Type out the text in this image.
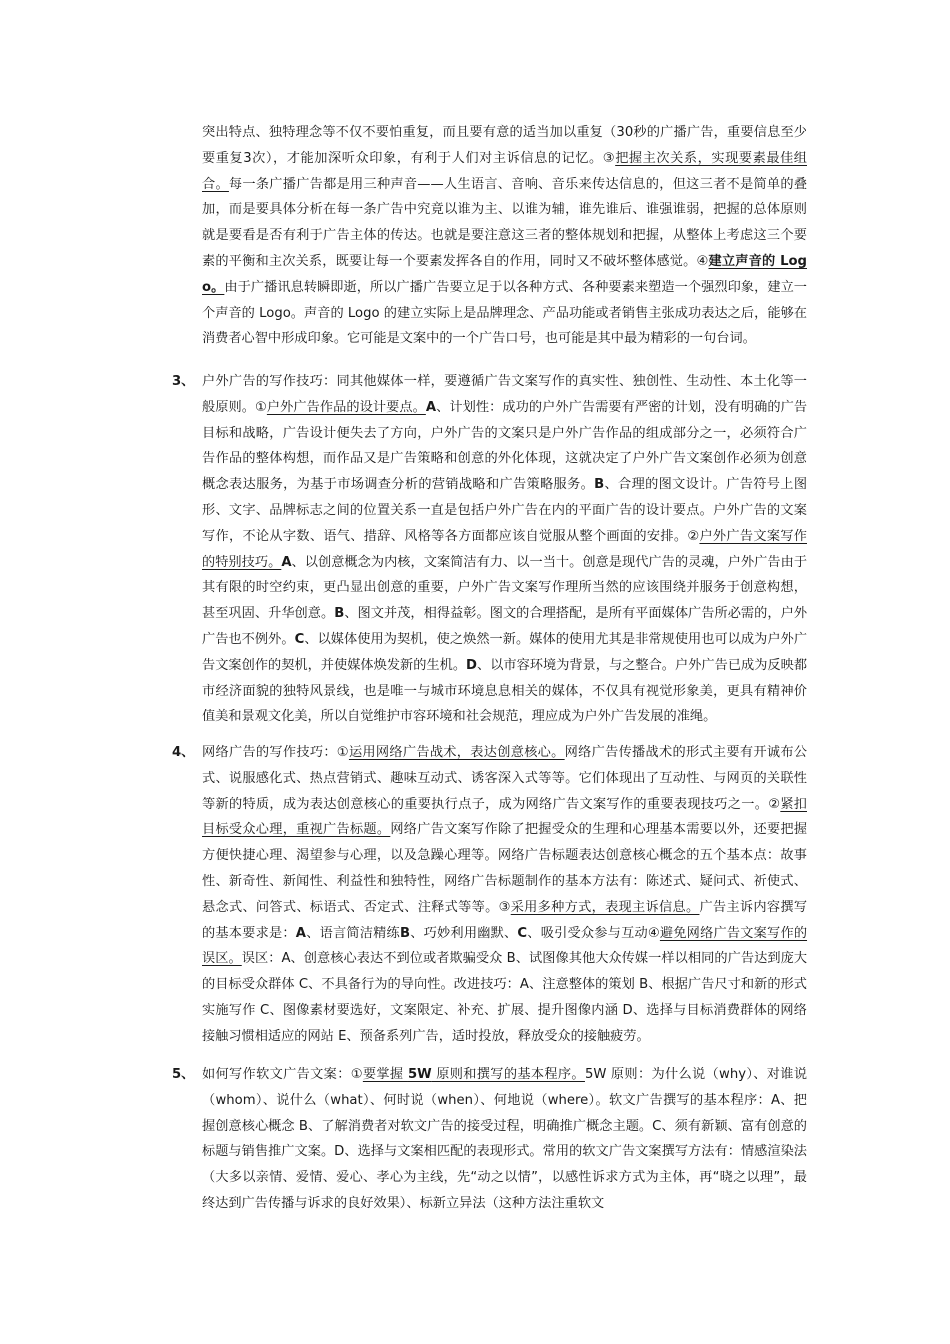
突出特点、独特理念等不仅不要怕重复，而且要有意的适当加以重复（30秒的广播广告，重要信息至少要重复3次），才能加深听众印象，有利于人们对主诉信息的记忆。③把握主次关系，实现要素最佳组合。每一条广播广告都是用三种声音——人生语言、音响、音乐来传达信息的，但这三者不是简单的叠加，而是要具体分析在每一条广告中究竟以谁为主、以谁为辅，谁先谁后、谁强谁弱，把握的总体原则就是要看是否有利于广告主体的传达。也就是要注意这三者的整体规划和把握，从整体上考虑这三个要素的平衡和主次关系，既要让每一个要素发挥各自的作用，同时又不破坏整体感觉。④建立声音的 Logo。由于广播讯息转瞬即逝，所以广播广告要立足于以各种方式、各种要素来塑造一个强烈印象，建立一个声音的 Logo。声音的 Logo 的建立实际上是品牌理念、产品功能或者销售主张成功表达之后，能够在消费者心智中形成印象。它可能是文案中的一个广告口号，也可能是其中最为精彩的一句台词。

3、 户外广告的写作技巧：同其他媒体一样，要遵循广告文案写作的真实性、独创性、生动性、本土化等一般原则。①户外广告作品的设计要点。A、计划性：成功的户外广告需要有严密的计划，没有明确的广告目标和战略，广告设计便失去了方向，户外广告的文案只是户外广告作品的组成部分之一，必须符合广告作品的整体构想，而作品又是广告策略和创意的外化体现，这就决定了户外广告文案创作必须为创意概念表达服务，为基于市场调查分析的营销战略和广告策略服务。B、合理的图文设计。广告符号上图形、文字、品牌标志之间的位置关系一直是包括户外广告在内的平面广告的设计要点。户外广告的文案写作，不论从字数、语气、措辞、风格等各方面都应该自觉服从整个画面的安排。②户外广告文案写作的特别技巧。A、以创意概念为内核，文案简洁有力、以一当十。创意是现代广告的灵魂，户外广告由于其有限的时空约束，更凸显出创意的重要，户外广告文案写作理所当然的应该围绕并服务于创意构想，甚至巩固、升华创意。B、图文并茂，相得益彰。图文的合理搭配，是所有平面媒体广告所必需的，户外广告也不例外。C、以媒体使用为契机，使之焕然一新。媒体的使用尤其是非常规使用也可以成为户外广告文案创作的契机，并使媒体焕发新的生机。D、以市容环境为背景，与之整合。户外广告已成为反映都市经济面貌的独特风景线，也是唯一与城市环境息息相关的媒体，不仅具有视觉形象美，更具有精神价值美和景观文化美，所以自觉维护市容环境和社会规范，理应成为户外广告发展的准绳。

4、 网络广告的写作技巧：①运用网络广告战术，表达创意核心。网络广告传播战术的形式主要有开诚布公式、说服感化式、热点营销式、趣味互动式、诱客深入式等等。它们体现出了互动性、与网页的关联性等新的特质，成为表达创意核心的重要执行点子，成为网络广告文案写作的重要表现技巧之一。②紧扣目标受众心理，重视广告标题。网络广告文案写作除了把握受众的生理和心理基本需要以外，还要把握方便快捷心理、渴望参与心理，以及急躁心理等。网络广告标题表达创意核心概念的五个基本点：故事性、新奇性、新闻性、利益性和独特性，网络广告标题制作的基本方法有：陈述式、疑问式、祈使式、悬念式、问答式、标语式、否定式、注释式等等。③采用多种方式，表现主诉信息。广告主诉内容撰写的基本要求是：A、语言简洁精练B、巧妙利用幽默、C、吸引受众参与互动④避免网络广告文案写作的误区。误区：A、创意核心表达不到位或者欺骗受众 B、试图像其他大众传媒一样以相同的广告达到庞大的目标受众群体 C、不具备行为的导向性。改进技巧：A、注意整体的策划 B、根据广告尺寸和新的形式实施写作 C、图像素材要选好，文案限定、补充、扩展、提升图像内涵 D、选择与目标消费群体的网络接触习惯相适应的网站 E、预备系列广告，适时投放，释放受众的接触疲劳。

5、 如何写作软文广告文案：①要掌握 5W 原则和撰写的基本程序。5W 原则：为什么说（why）、对谁说（whom）、说什么（what）、何时说（when）、何地说（where）。软文广告撰写的基本程序：A、把握创意核心概念 B、了解消费者对软文广告的接受过程，明确推广概念主题。C、须有新颖、富有创意的标题与销售推广文案。D、选择与文案相匹配的表现形式。常用的软文广告文案撰写方法有：情感渲染法（大多以亲情、爱情、爱心、孝心为主线，先“动之以情”，以感性诉求方式为主体，再“晓之以理”，最终达到广告传播与诉求的良好效果）、标新立异法（这种方法注重软文
